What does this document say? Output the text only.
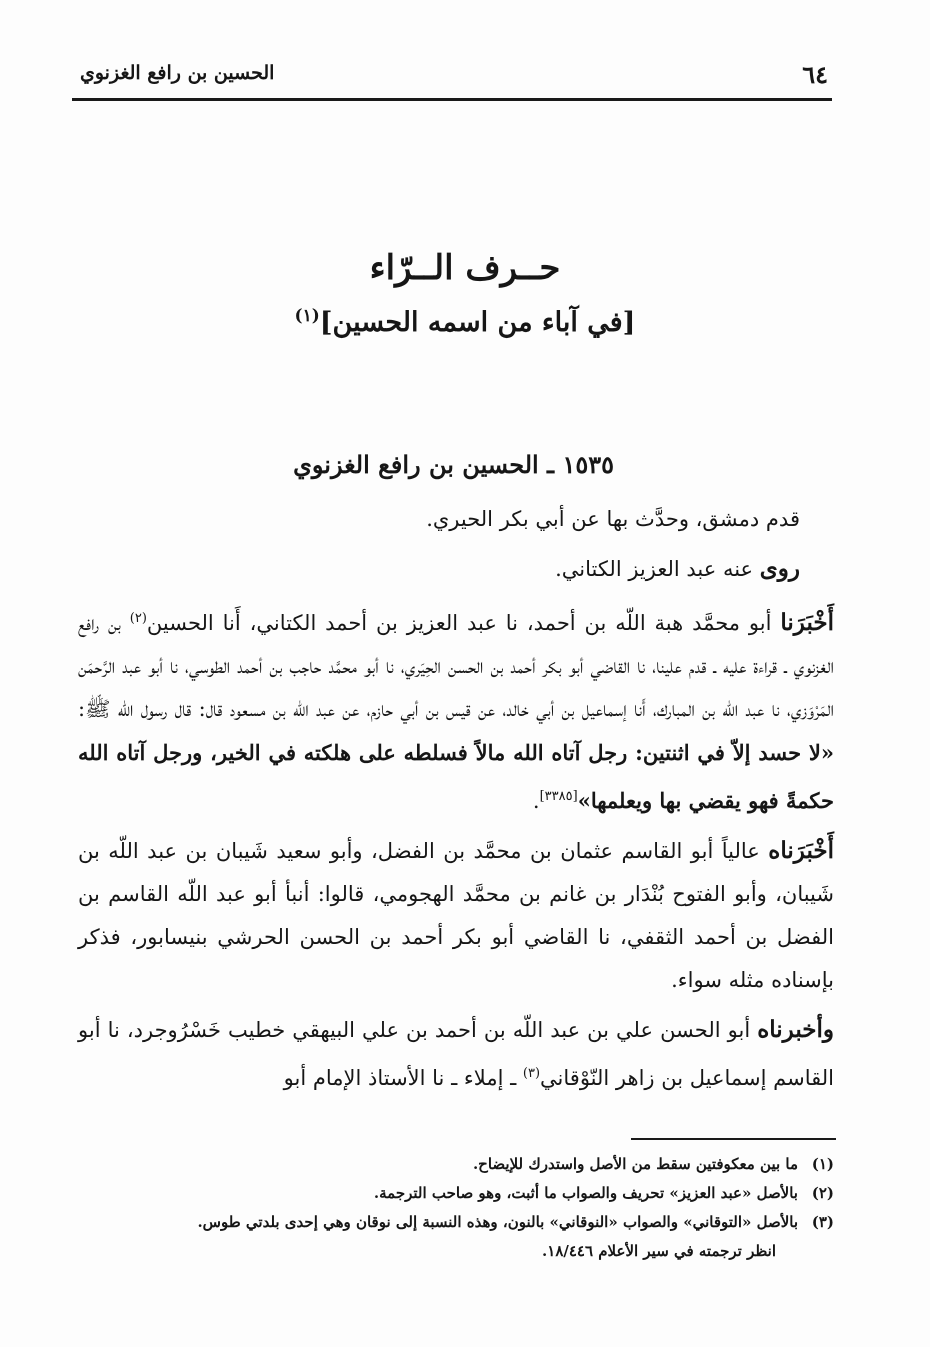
٦٤
الحسين بن رافع الغزنوي
حــرف الــرّاء
[في آباء من اسمه الحسين]$^{(١)}$
١٥٣٥ ـ الحسين بن رافع الغزنوي

قدم دمشق، وحدَّث بها عن أبي بكر الحيري.

روى عنه عبد العزيز الكتاني.

أَخْبَرَنا أبو محمَّد هبة اللّه بن أحمد، نا عبد العزيز بن أحمد الكتاني، أَنا الحسين$^{(٢)}$ بن رافع الغزنوي ـ قراءة عليه ـ قدم علينا، نا القاضي أبو بكر أحمد بن الحسن الحِيَري، نا أبو محمَّد حاجب بن أحمد الطوسي، نا أبو عبد الرَّحمَن المَرْوَزي، نا عبد اللّه بن المبارك، أَنا إسماعيل بن أبي خالد، عن قيس بن أبي حازم، عن عبد اللّه بن مسعود قال: قال رسول الله ﷺ: «لا حسد إلاّ في اثنتين: رجل آتاه الله مالاً فسلطه على هلكته في الخير، ورجل آتاه الله حكمةً فهو يقضي بها ويعلمها»[٣٣٨٥].

أَخْبَرَناه عالياً أبو القاسم عثمان بن محمَّد بن الفضل، وأبو سعيد شَيبان بن عبد اللّه بن شَيبان، وأبو الفتوح بُنْدَار بن غانم بن محمَّد الهجومي، قالوا: أنبأ أبو عبد اللّه القاسم بن الفضل بن أحمد الثقفي، نا القاضي أبو بكر أحمد بن الحسن الحرشي بنيسابور، فذكر بإسناده مثله سواء.

وأخبرناه أبو الحسن علي بن عبد اللّه بن أحمد بن علي البيهقي خطيب خَسْرُوجرد، نا أبو القاسم إسماعيل بن زاهر النّوْقاني$^{(٣)}$ ـ إملاء ـ نا الأستاذ الإمام أبو

(١)ما بين معكوفتين سقط من الأصل واستدرك للإيضاح.

(٢)بالأصل «عبد العزيز» تحريف والصواب ما أثبت، وهو صاحب الترجمة.

(٣)بالأصل «التوقاني» والصواب «النوقاني» بالنون، وهذه النسبة إلى نوقان وهي إحدى بلدتي طوس.

انظر ترجمته في سير الأعلام ١٨/٤٤٦.
